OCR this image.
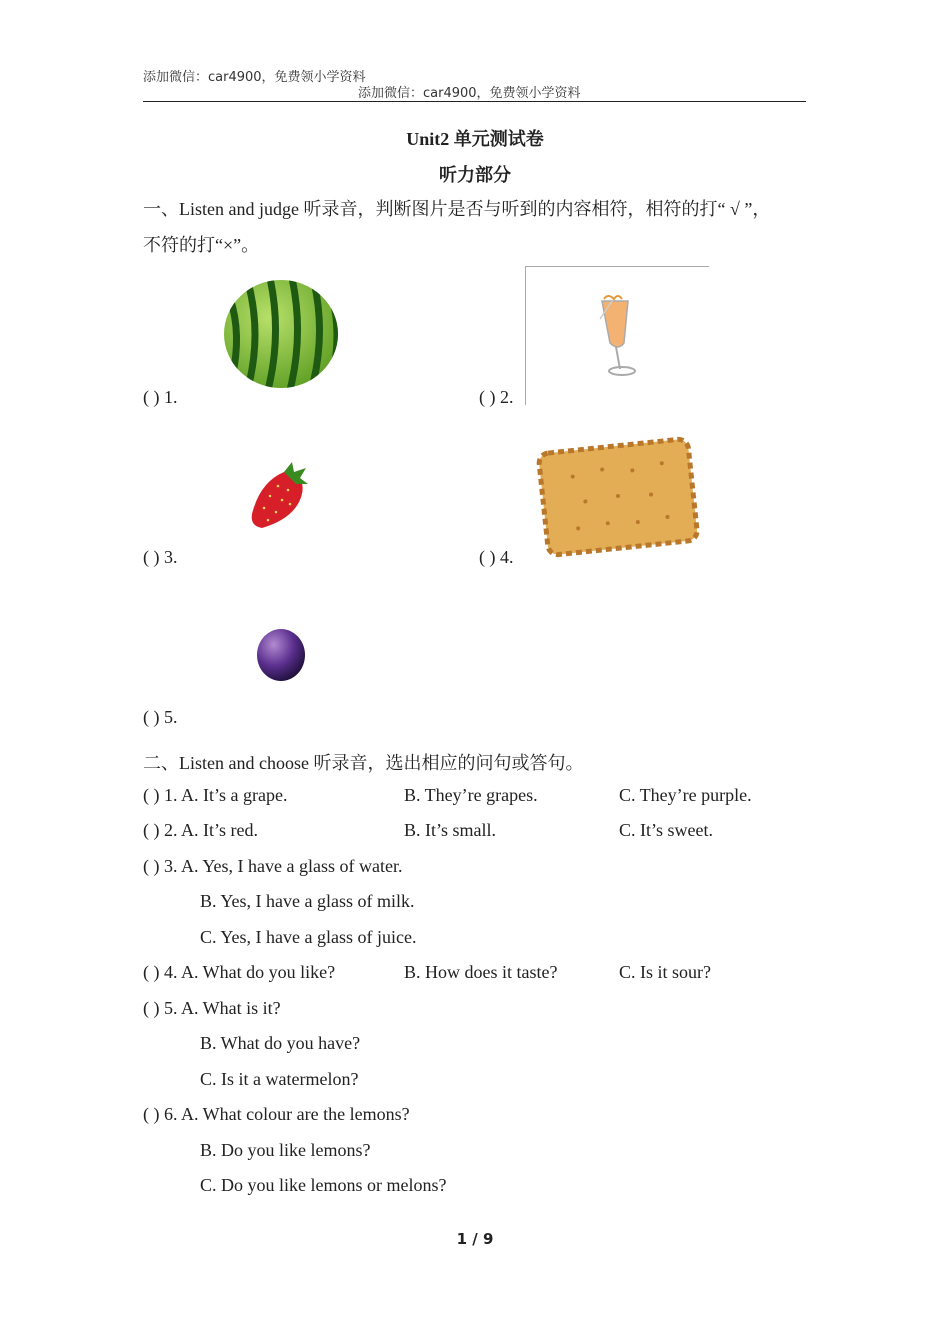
添加微信：car4900，免费领小学资料
添加微信：car4900，免费领小学资料
Unit2 单元测试卷
听力部分
一、Listen and judge 听录音，判断图片是否与听到的内容相符，相符的打“ √ ”，
不符的打“×”。
( ) 1.	( ) 2.
( ) 3.	( ) 4.
( ) 5.
二、Listen and choose 听录音，选出相应的问句或答句。
( ) 1. A. It’s a grape.	B. They’re grapes.	C. They’re purple.
( ) 2. A. It’s red.	B. It’s small.	C. It’s sweet.
( ) 3. A. Yes, I have a glass of water.
B. Yes, I have a glass of milk.
C. Yes, I have a glass of juice.
( ) 4. A. What do you like?	B. How does it taste?	C. Is it sour?
( ) 5. A. What is it?
B. What do you have?
C. Is it a watermelon?
( ) 6. A. What colour are the lemons?
B. Do you like lemons?
C. Do you like lemons or melons?
1 / 9
